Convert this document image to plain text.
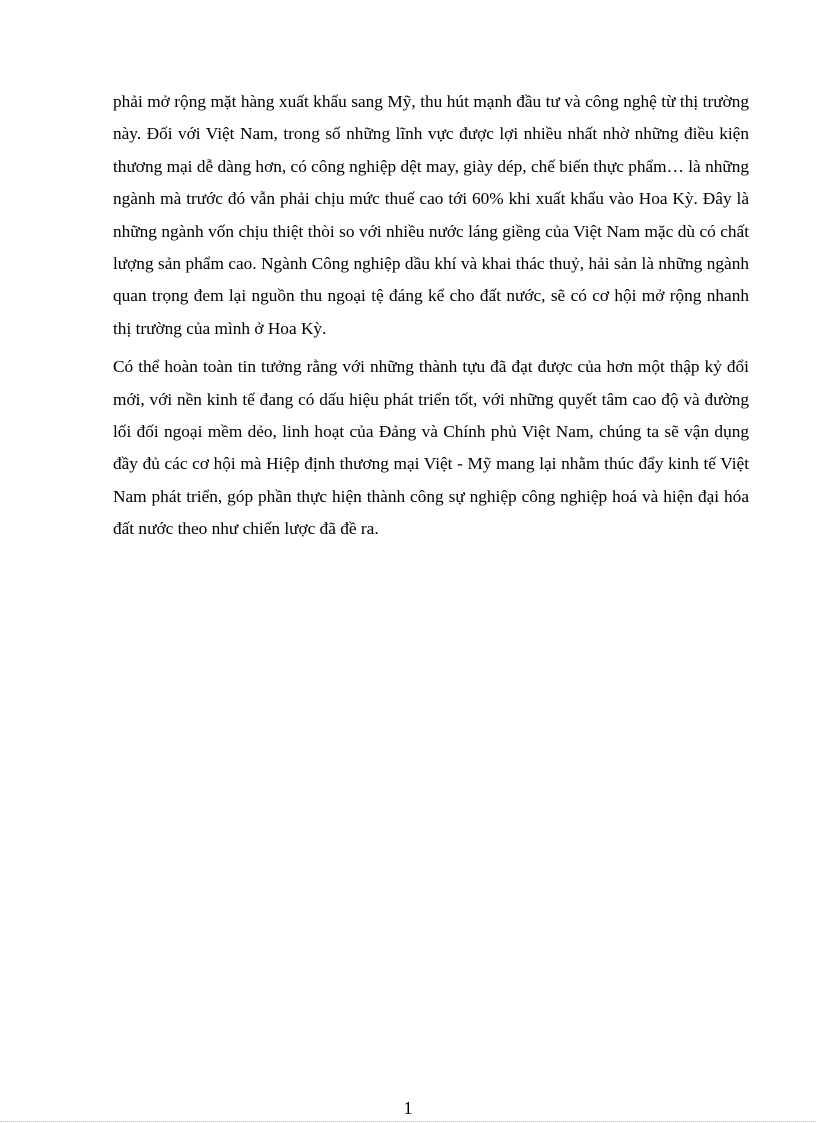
phải mở rộng mặt hàng xuất khẩu sang Mỹ, thu hút mạnh đầu tư và công nghệ từ thị trường này. Đối với Việt Nam, trong số những lĩnh vực được lợi nhiều nhất nhờ những điều kiện thương mại dễ dàng hơn, có công nghiệp dệt may, giày dép, chế biến thực phẩm… là những ngành mà trước đó vẫn phải chịu mức thuế cao tới 60% khi xuất khẩu vào Hoa Kỳ. Đây là những ngành vốn chịu thiệt thòi so với nhiều nước láng giềng của Việt Nam mặc dù có chất lượng sản phẩm cao. Ngành Công nghiệp dầu khí và khai thác thuỷ, hải sản là những ngành quan trọng đem lại nguồn thu ngoại tệ đáng kể cho đất nước, sẽ có cơ hội mở rộng nhanh thị trường của mình ở Hoa Kỳ.

Có thể hoàn toàn tin tưởng rằng với những thành tựu đã đạt được của hơn một thập kỷ đổi mới, với nền kinh tế đang có dấu hiệu phát triển tốt, với những quyết tâm cao độ và đường lối đối ngoại mềm dẻo, linh hoạt của Đảng và Chính phủ Việt Nam, chúng ta sẽ vận dụng đầy đủ các cơ hội mà Hiệp định thương mại Việt - Mỹ mang lại nhằm thúc đẩy kinh tế Việt Nam phát triển, góp phần thực hiện thành công sự nghiệp công nghiệp hoá và hiện đại hóa đất nước theo như chiến lược đã đề ra.

1
